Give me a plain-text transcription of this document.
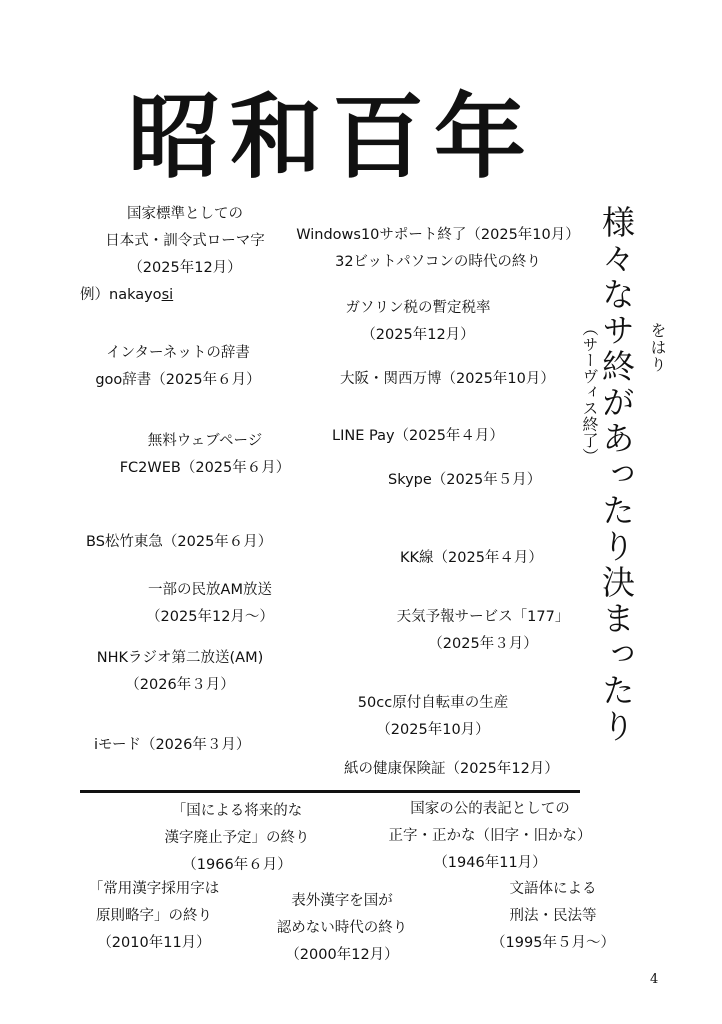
昭和百年
様々なサ終があったり決まったり をはり
（サーヴィス終了）
国家標準としての
日本式・訓令式ローマ字
（2025年12月）
例）nakayosi
インターネットの辞書
goo辞書（2025年６月）
無料ウェブページ
FC2WEB（2025年６月）
BS松竹東急（2025年６月）
一部の民放AM放送
（2025年12月～）
NHKラジオ第二放送(AM)
（2026年３月）
iモード（2026年３月）
Windows10サポート終了（2025年10月）
32ビットパソコンの時代の終り
ガソリン税の暫定税率
（2025年12月）
大阪・関西万博（2025年10月）
LINE Pay（2025年４月）
Skype（2025年５月）
KK線（2025年４月）
天気予報サービス「177」
（2025年３月）
50cc原付自転車の生産
（2025年10月）
紙の健康保険証（2025年12月）
「国による将来的な
漢字廃止予定」の終り
（1966年６月）
国家の公的表記としての
正字・正かな（旧字・旧かな）
（1946年11月）
「常用漢字採用字は
原則略字」の終り
（2010年11月）
表外漢字を国が
認めない時代の終り
（2000年12月）
文語体による
刑法・民法等
（1995年５月～）
4
